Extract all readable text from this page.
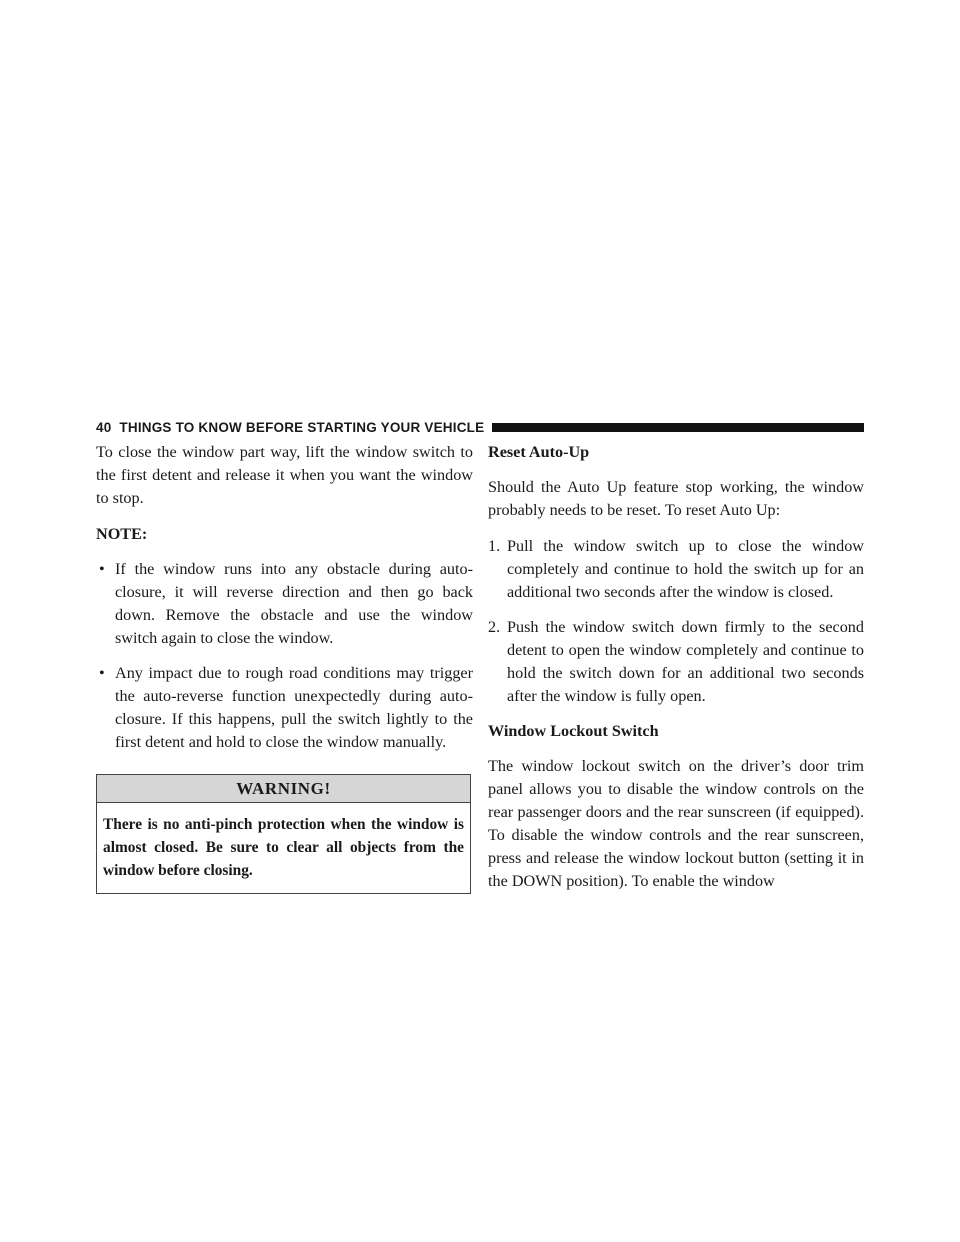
40 THINGS TO KNOW BEFORE STARTING YOUR VEHICLE

To close the window part way, lift the window switch to the first detent and release it when you want the window to stop.

NOTE:

• If the window runs into any obstacle during auto-closure, it will reverse direction and then go back down. Remove the obstacle and use the window switch again to close the window.
• Any impact due to rough road conditions may trigger the auto-reverse function unexpectedly during auto-closure. If this happens, pull the switch lightly to the first detent and hold to close the window manually.
WARNING!
There is no anti-pinch protection when the window is almost closed. Be sure to clear all objects from the window before closing.

Reset Auto-Up

Should the Auto Up feature stop working, the window probably needs to be reset. To reset Auto Up:

1. Pull the window switch up to close the window completely and continue to hold the switch up for an additional two seconds after the window is closed.
2. Push the window switch down firmly to the second detent to open the window completely and continue to hold the switch down for an additional two seconds after the window is fully open.

Window Lockout Switch

The window lockout switch on the driver’s door trim panel allows you to disable the window controls on the rear passenger doors and the rear sunscreen (if equipped). To disable the window controls and the rear sunscreen, press and release the window lockout button (setting it in the DOWN position). To enable the window
